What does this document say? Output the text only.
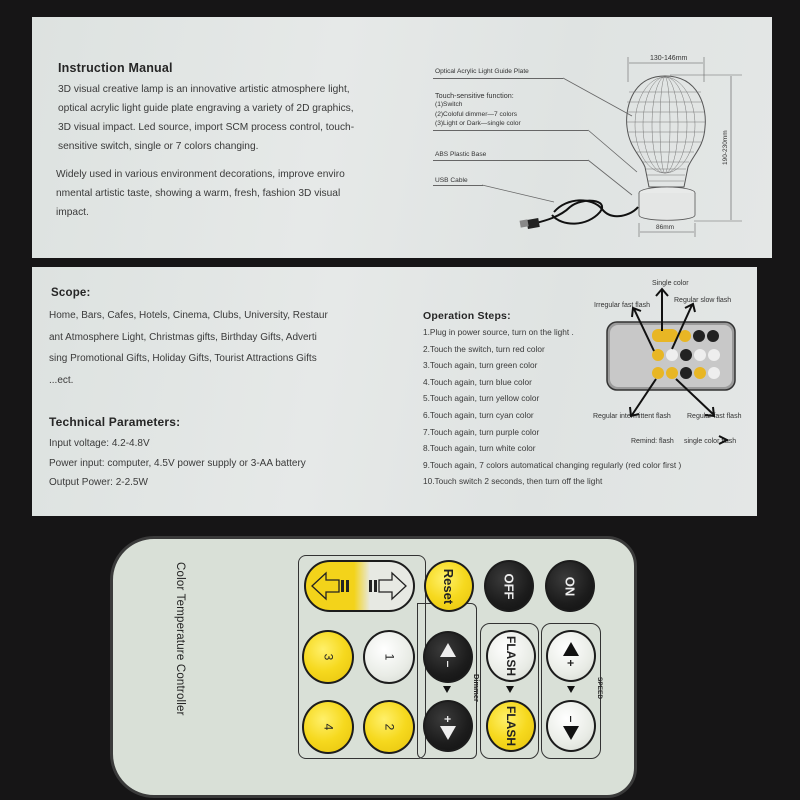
Instruction Manual
3D visual creative lamp is an innovative artistic atmosphere light,
optical acrylic light guide plate engraving a variety of 2D graphics,
3D visual impact. Led source, import SCM process control, touch-
sensitive switch, single or 7 colors changing.
Widely used in various environment decorations, improve enviro
nmental artistic taste, showing a warm, fresh, fashion 3D visual
impact.
Optical Acrylic Light Guide Plate
Touch-sensitive function:
(1)Switch
(2)Coloful dimmer—7 colors
(3)Light or Dark—single color
ABS Plastic Base
USB Cable
130-146mm
190-230mm
86mm
Scope:
Home, Bars, Cafes, Hotels, Cinema, Clubs, University, Restaur
ant Atmosphere Light, Christmas gifts, Birthday Gifts, Adverti
sing Promotional Gifts, Holiday Gifts, Tourist Attractions Gifts
...ect.
Technical Parameters:
Input voltage: 4.2-4.8V
Power input: computer, 4.5V power supply or 3-AA battery
Output Power: 2-2.5W
Operation Steps:
1.Plug in power source, turn on the light .
2.Touch the switch, turn red color
3.Touch again, turn green color
4.Touch again, turn blue color
5.Touch again, turn yellow color
6.Touch again, turn cyan color
7.Touch again, turn purple color
8.Touch again, turn white color
9.Touch again, 7 colors automatical changing regularly (red color first )
10.Touch switch 2 seconds, then turn off the light
Single color
Irregular fast flash
Regular slow flash
Regular intermittent flash Regular fast flash
Remind: flash single color flash
Color Temperature Controller	Reset	OFF	ON
3	1
–	FLASH	+
Dimmer	SPEED
4	2
+	FLASH	–
